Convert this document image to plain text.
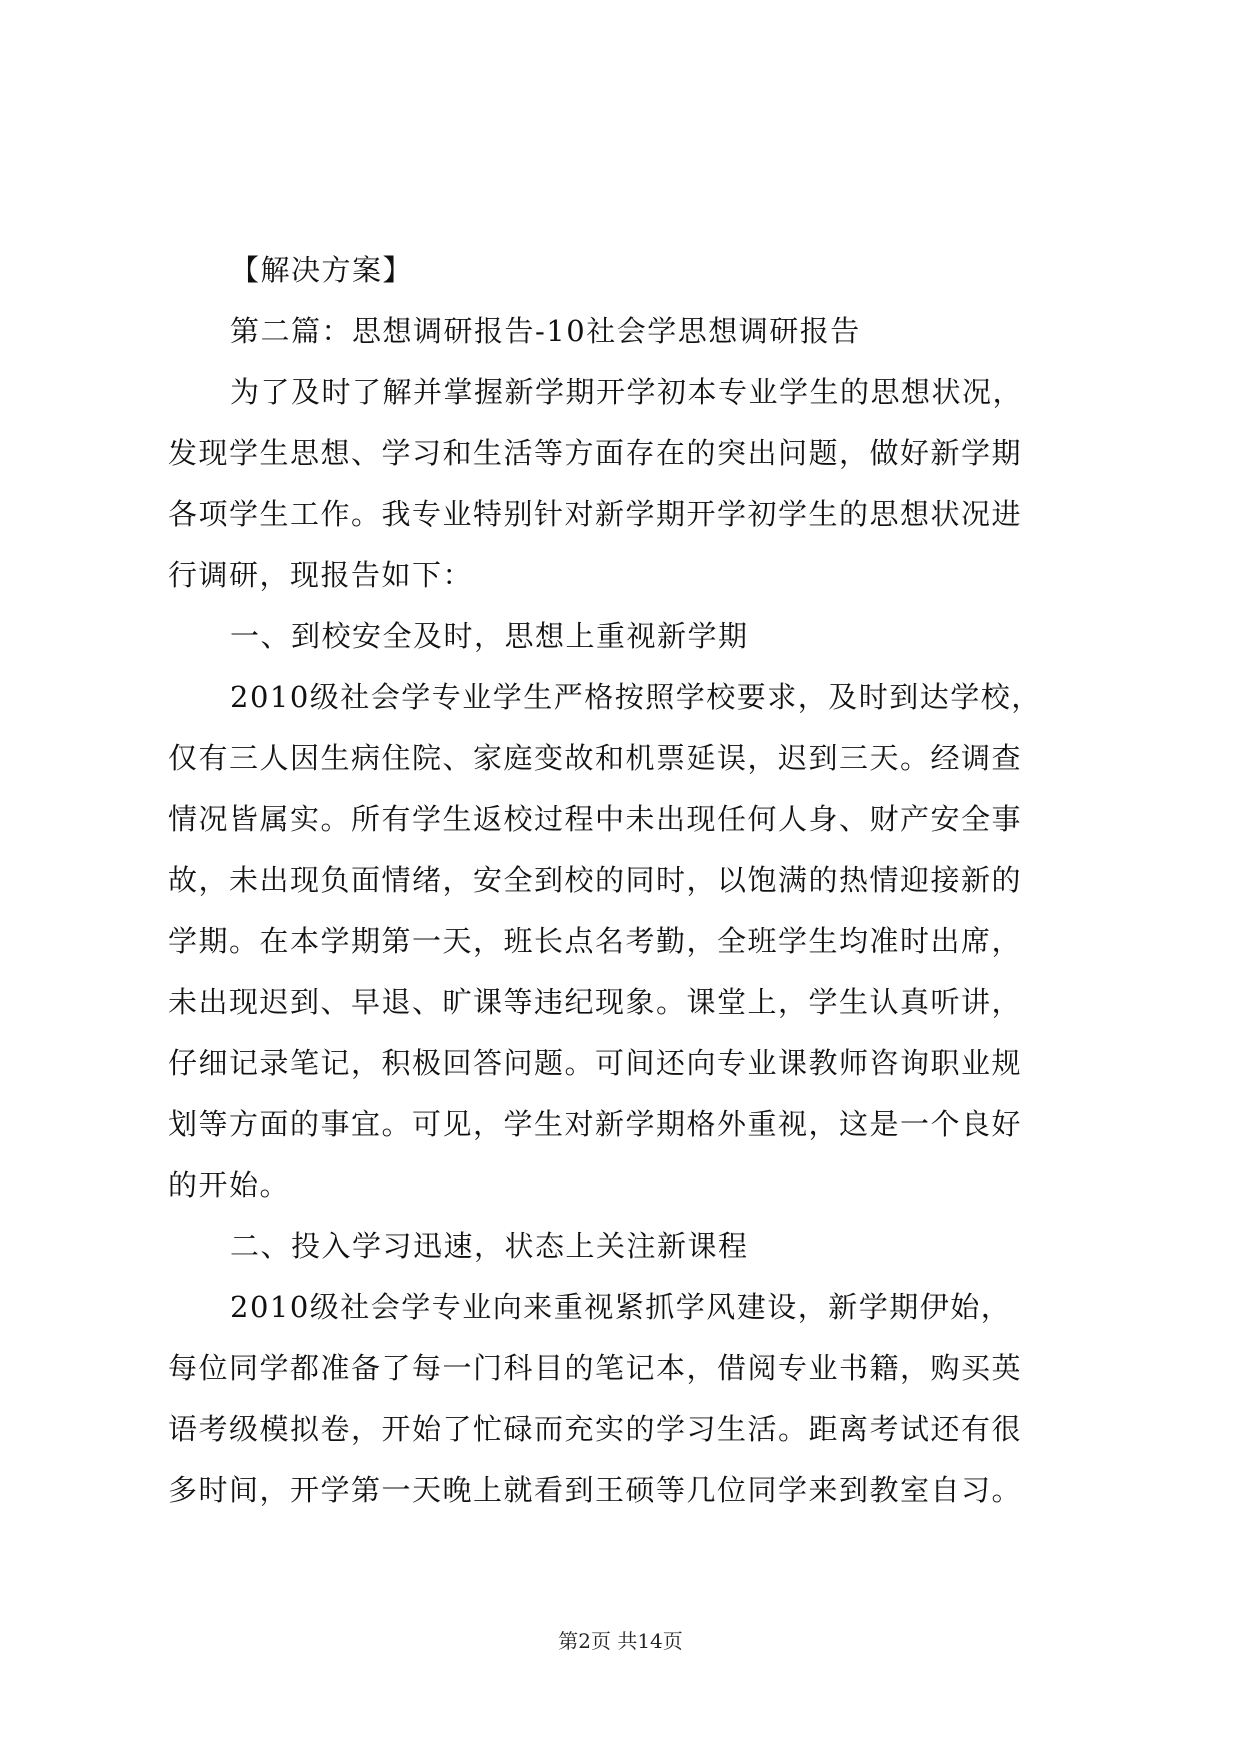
【解决方案】
第二篇：思想调研报告-10社会学思想调研报告
为了及时了解并掌握新学期开学初本专业学生的思想状况，
发现学生思想、学习和生活等方面存在的突出问题，做好新学期
各项学生工作。我专业特别针对新学期开学初学生的思想状况进
行调研，现报告如下：
一、到校安全及时，思想上重视新学期
2010级社会学专业学生严格按照学校要求，及时到达学校，
仅有三人因生病住院、家庭变故和机票延误，迟到三天。经调查
情况皆属实。所有学生返校过程中未出现任何人身、财产安全事
故，未出现负面情绪，安全到校的同时，以饱满的热情迎接新的
学期。在本学期第一天，班长点名考勤，全班学生均准时出席，
未出现迟到、早退、旷课等违纪现象。课堂上，学生认真听讲，
仔细记录笔记，积极回答问题。可间还向专业课教师咨询职业规
划等方面的事宜。可见，学生对新学期格外重视，这是一个良好
的开始。
二、投入学习迅速，状态上关注新课程
2010级社会学专业向来重视紧抓学风建设，新学期伊始，
每位同学都准备了每一门科目的笔记本，借阅专业书籍，购买英
语考级模拟卷，开始了忙碌而充实的学习生活。距离考试还有很
多时间，开学第一天晚上就看到王硕等几位同学来到教室自习。
第2页 共14页
